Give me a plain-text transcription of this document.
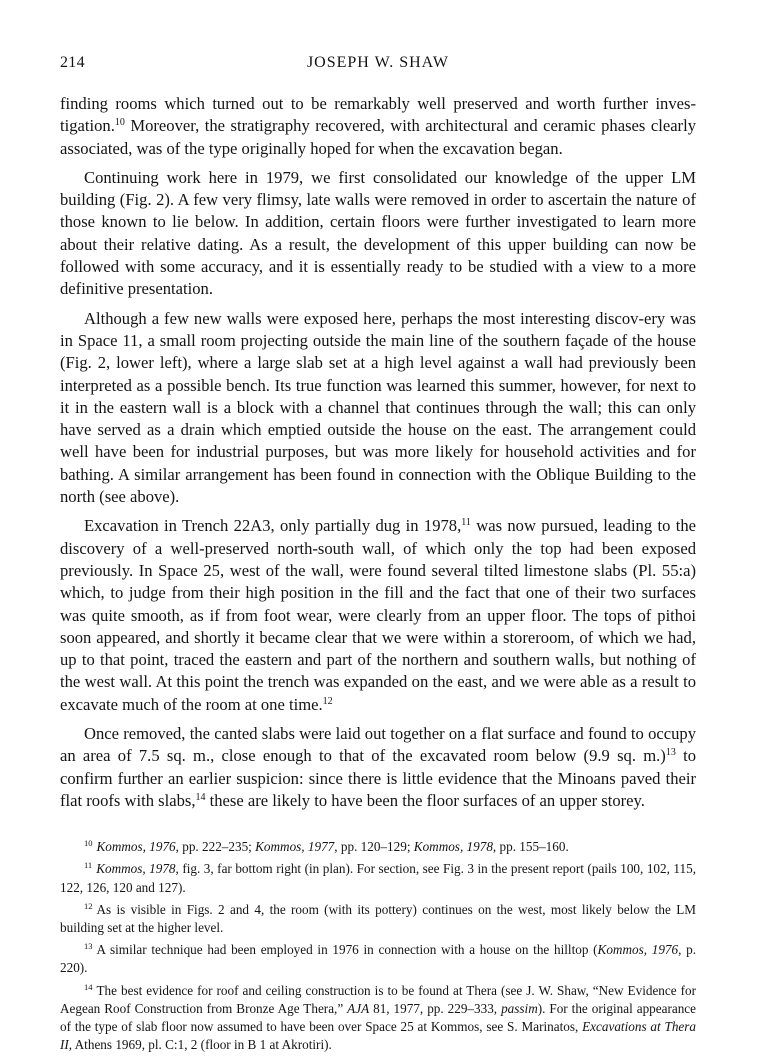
214	JOSEPH W. SHAW

finding rooms which turned out to be remarkably well preserved and worth further inves-tigation.$^{10}$ Moreover, the stratigraphy recovered, with architectural and ceramic phases clearly associated, was of the type originally hoped for when the excavation began.

Continuing work here in 1979, we first consolidated our knowledge of the upper LM building (Fig. 2). A few very flimsy, late walls were removed in order to ascertain the nature of those known to lie below. In addition, certain floors were further investigated to learn more about their relative dating. As a result, the development of this upper building can now be followed with some accuracy, and it is essentially ready to be studied with a view to a more definitive presentation.

Although a few new walls were exposed here, perhaps the most interesting discov-ery was in Space 11, a small room projecting outside the main line of the southern façade of the house (Fig. 2, lower left), where a large slab set at a high level against a wall had previously been interpreted as a possible bench. Its true function was learned this summer, however, for next to it in the eastern wall is a block with a channel that continues through the wall; this can only have served as a drain which emptied outside the house on the east. The arrangement could well have been for industrial purposes, but was more likely for household activities and for bathing. A similar arrangement has been found in connection with the Oblique Building to the north (see above).

Excavation in Trench 22A3, only partially dug in 1978,11 was now pursued, leading to the discovery of a well-preserved north-south wall, of which only the top had been exposed previously. In Space 25, west of the wall, were found several tilted limestone slabs (Pl. 55:a) which, to judge from their high position in the fill and the fact that one of their two surfaces was quite smooth, as if from foot wear, were clearly from an upper floor. The tops of pithoi soon appeared, and shortly it became clear that we were within a storeroom, of which we had, up to that point, traced the eastern and part of the northern and southern walls, but nothing of the west wall. At this point the trench was expanded on the east, and we were able as a result to excavate much of the room at one time.$^{12}$

Once removed, the canted slabs were laid out together on a flat surface and found to occupy an area of 7.5 sq. m., close enough to that of the excavated room below (9.9 sq. m.)$^{13}$ to confirm further an earlier suspicion: since there is little evidence that the Minoans paved their flat roofs with slabs,$^{14}$ these are likely to have been the floor surfaces of an upper storey.

$^{10}$ Kommos, 1976, pp. 222–235; Kommos, 1977, pp. 120–129; Kommos, 1978, pp. 155–160.
$^{11}$ Kommos, 1978, fig. 3, far bottom right (in plan). For section, see Fig. 3 in the present report (pails 100, 102, 115, 122, 126, 120 and 127).
$^{12}$ As is visible in Figs. 2 and 4, the room (with its pottery) continues on the west, most likely below the LM building set at the higher level.
$^{13}$ A similar technique had been employed in 1976 in connection with a house on the hilltop (Kommos, 1976, p. 220).
$^{14}$ The best evidence for roof and ceiling construction is to be found at Thera (see J. W. Shaw, “New Evidence for Aegean Roof Construction from Bronze Age Thera,” AJA 81, 1977, pp. 229–333, passim). For the original appearance of the type of slab floor now assumed to have been over Space 25 at Kommos, see S. Marinatos, Excavations at Thera II, Athens 1969, pl. C:1, 2 (floor in B 1 at Akrotiri).
